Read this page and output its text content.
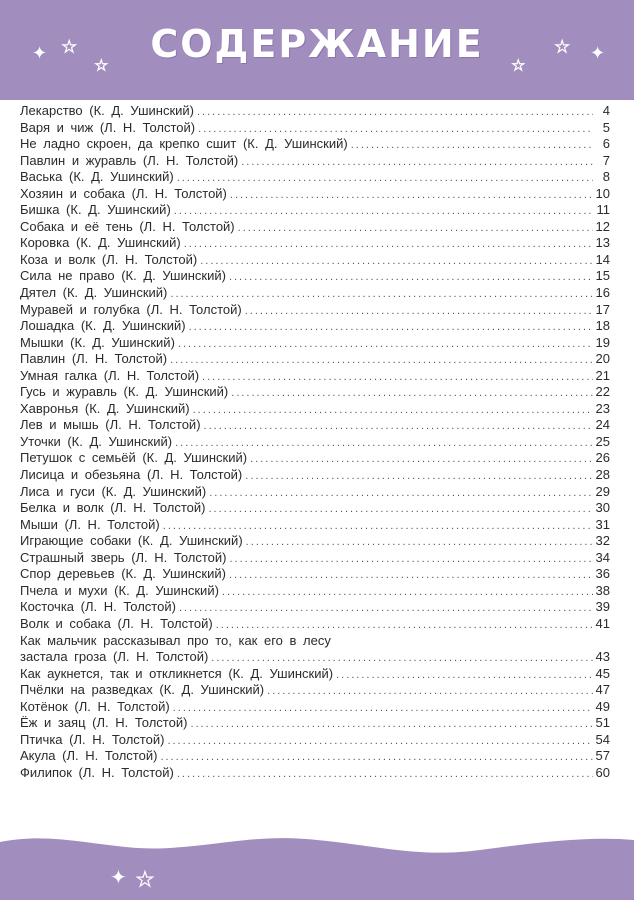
СОДЕРЖАНИЕ
✦ ★
★	★
★ ✦
Лекарство (К. Д. Ушинский) .....	4
Варя и чиж (Л. Н. Толстой) .....	5
Не ладно скроен, да крепко сшит (К. Д. Ушинский) .....	6
Павлин и журавль (Л. Н. Толстой) .....	7
Васька (К. Д. Ушинский) .....	8
Хозяин и собака (Л. Н. Толстой) .....	10
Бишка (К. Д. Ушинский) .....	11
Собака и её тень (Л. Н. Толстой) .....	12
Коровка (К. Д. Ушинский) .....	13
Коза и волк (Л. Н. Толстой) .....	14
Сила не право (К. Д. Ушинский) .....	15
Дятел (К. Д. Ушинский) .....	16
Муравей и голубка (Л. Н. Толстой) .....	17
Лошадка (К. Д. Ушинский) .....	18
Мышки (К. Д. Ушинский) .....	19
Павлин (Л. Н. Толстой) .....	20
Умная галка (Л. Н. Толстой) .....	21
Гусь и журавль (К. Д. Ушинский) .....	22
Хавронья (К. Д. Ушинский) .....	23
Лев и мышь (Л. Н. Толстой) .....	24
Уточки (К. Д. Ушинский) .....	25
Петушок с семьёй (К. Д. Ушинский) .....	26
Лисица и обезьяна (Л. Н. Толстой) .....	28
Лиса и гуси (К. Д. Ушинский) .....	29
Белка и волк (Л. Н. Толстой) .....	30
Мыши (Л. Н. Толстой) .....	31
Играющие собаки (К. Д. Ушинский) .....	32
Страшный зверь (Л. Н. Толстой) .....	34
Спор деревьев (К. Д. Ушинский) .....	36
Пчела и мухи (К. Д. Ушинский) .....	38
Косточка (Л. Н. Толстой) .....	39
Волк и собака (Л. Н. Толстой) .....	41
Как мальчик рассказывал про то, как его в лесу
застала гроза (Л. Н. Толстой) .....	43
Как аукнется, так и откликнется (К. Д. Ушинский) .....	45
Пчёлки на разведках (К. Д. Ушинский) .....	47
Котёнок (Л. Н. Толстой) .....	49
Ёж и заяц (Л. Н. Толстой) .....	51
Птичка (Л. Н. Толстой) .....	54
Акула (Л. Н. Толстой) .....	57
Филипок (Л. Н. Толстой) .....	60
✦ ★
